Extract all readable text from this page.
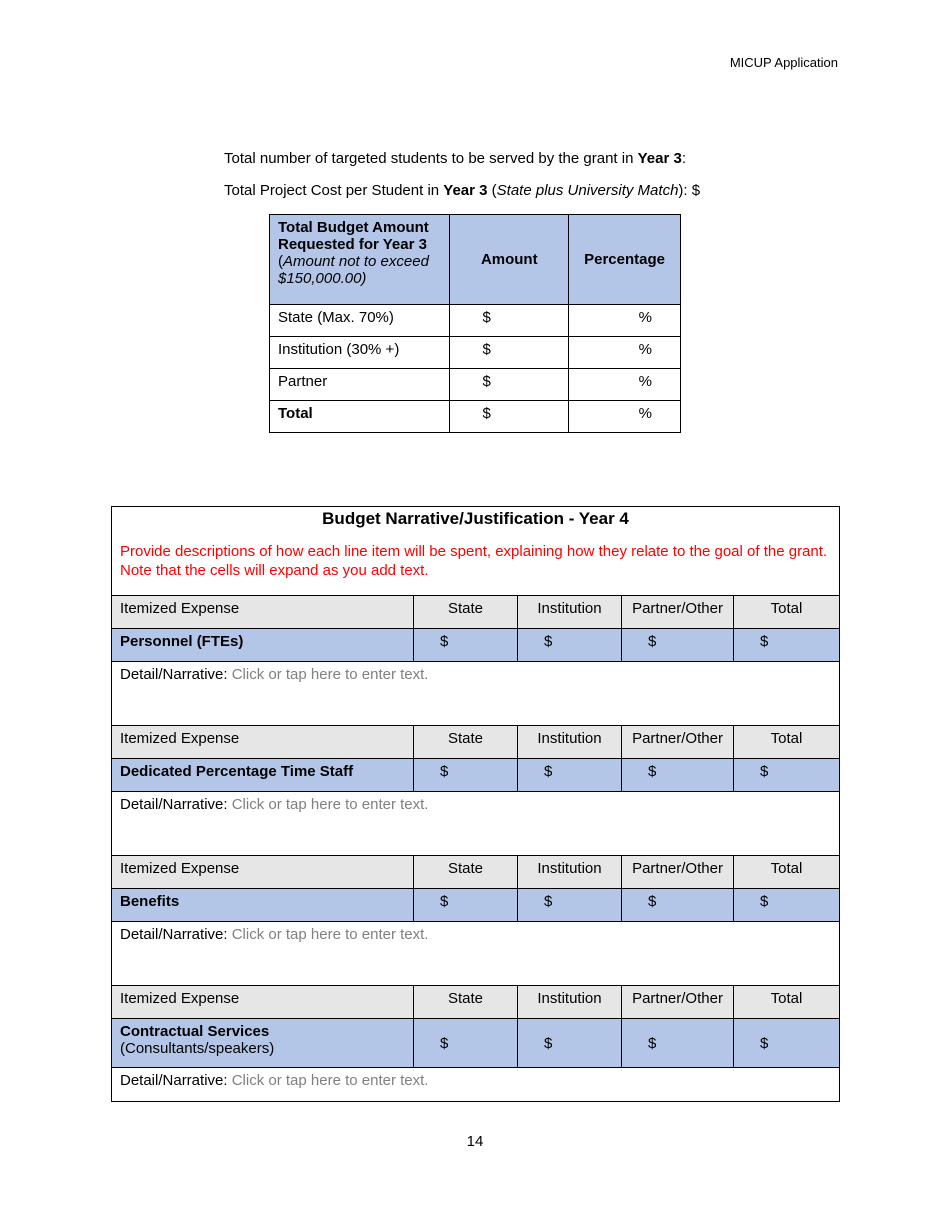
MICUP Application
Total number of targeted students to be served by the grant in Year 3:
Total Project Cost per Student in Year 3 (State plus University Match): $
Total Budget Amount Requested for Year 3 (Amount not to exceed $150,000.00)	Amount	Percentage
State (Max. 70%)	$	%
Institution (30% +)	$	%
Partner	$	%
Total	$	%
Budget Narrative/Justification - Year 4
Provide descriptions of how each line item will be spent, explaining how they relate to the goal of the grant. Note that the cells will expand as you add text.				

Itemized Expense	State	Institution	Partner/Other	Total
Personnel (FTEs)	$	$	$	$
Detail/Narrative: Click or tap here to enter text.				
Itemized Expense	State	Institution	Partner/Other	Total
Dedicated Percentage Time Staff	$	$	$	$
Detail/Narrative: Click or tap here to enter text.				
Itemized Expense	State	Institution	Partner/Other	Total
Benefits	$	$	$	$
Detail/Narrative: Click or tap here to enter text.				
Itemized Expense	State	Institution	Partner/Other	Total
Contractual Services
(Consultants/speakers)	$	$	$	$
Detail/Narrative: Click or tap here to enter text.				
14
